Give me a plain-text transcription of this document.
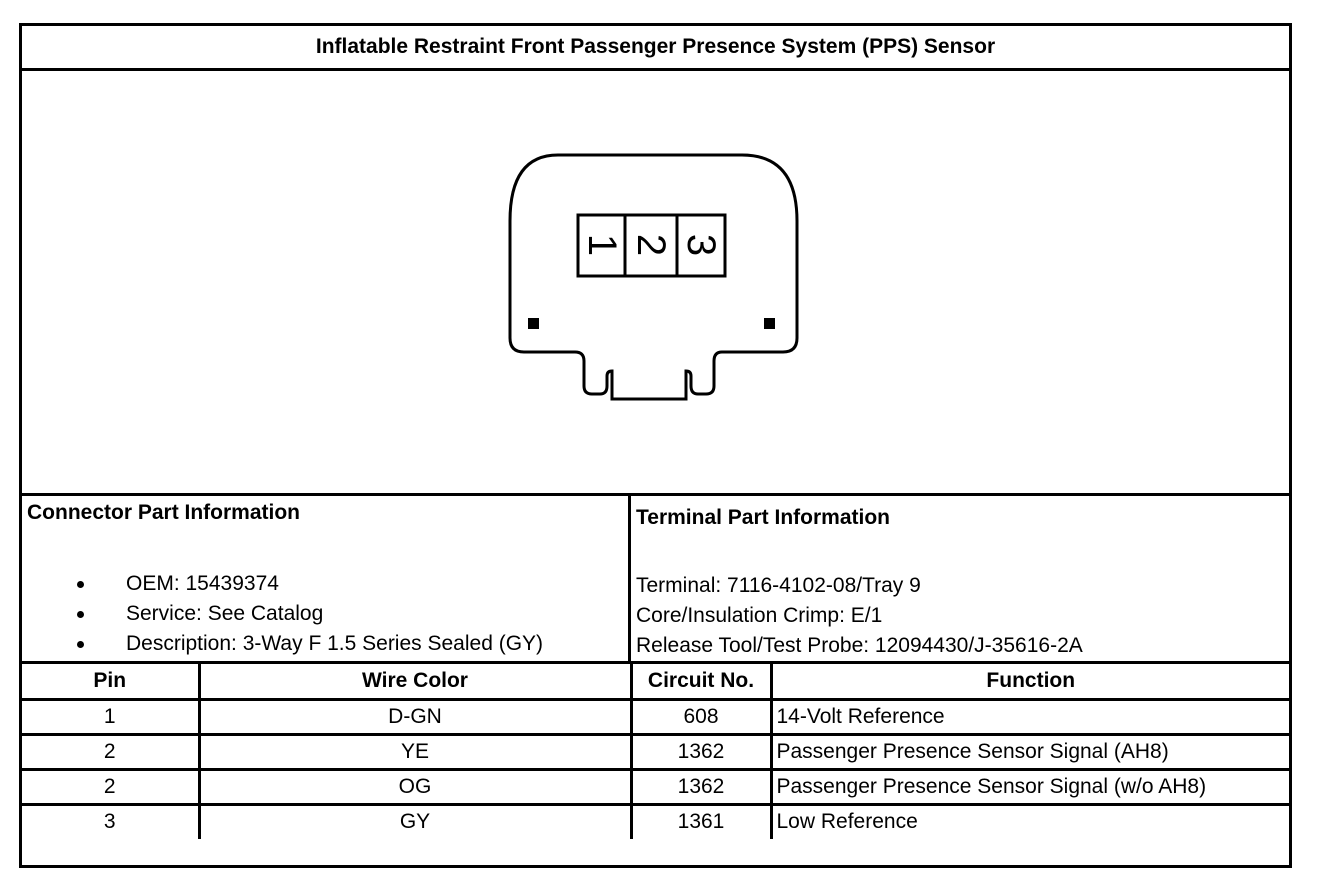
Inflatable Restraint Front Passenger Presence System (PPS) Sensor
1 2 3
Connector Part Information
OEM: 15439374
Service: See Catalog
Description: 3-Way F 1.5 Series Sealed (GY)
Terminal Part Information
Terminal: 7116-4102-08/Tray 9
Core/Insulation Crimp: E/1
Release Tool/Test Probe: 12094430/J-35616-2A
Pin	Wire Color	Circuit No.	Function
1	D-GN	608	14-Volt Reference
2	YE	1362	Passenger Presence Sensor Signal (AH8)
2	OG	1362	Passenger Presence Sensor Signal (w/o AH8)
3	GY	1361	Low Reference
